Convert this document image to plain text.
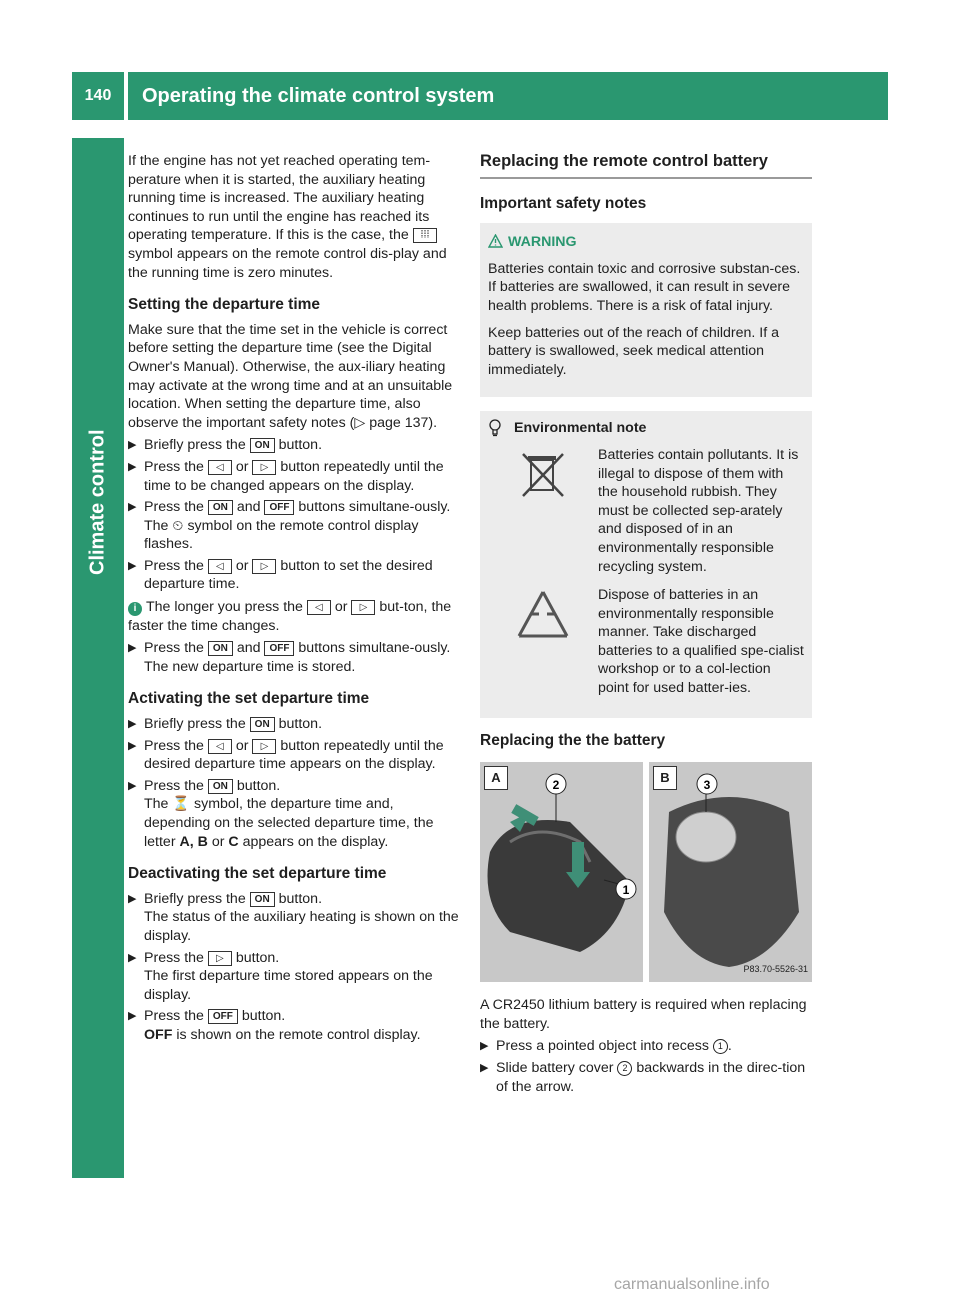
140	Operating the climate control system
Climate control

If the engine has not yet reached operating tem-perature when it is started, the auxiliary heating running time is increased. The auxiliary heating continues to run until the engine has reached its operating temperature. If this is the case, the  symbol appears on the remote control dis-play and the running time is zero minutes.

Setting the departure time

Make sure that the time set in the vehicle is correct before setting the departure time (see the Digital Owner's Manual). Otherwise, the aux-iliary heating may activate at the wrong time and at an unsuitable location. When setting the departure time, also observe the important safety notes (▷ page 137).

▶ Briefly press the ON button.
▶ Press the ◁ or ▷ button repeatedly until the time to be changed appears on the display.
▶ Press the ON and OFF buttons simultane-ously.
The ⏲ symbol on the remote control display flashes.
▶ Press the ◁ or ▷ button to set the desired departure time.

i The longer you press the ◁ or ▷ but-ton, the faster the time changes.

▶ Press the ON and OFF buttons simultane-ously.
The new departure time is stored.
Activating the set departure time
▶ Briefly press the ON button.
▶ Press the ◁ or ▷ button repeatedly until the desired departure time appears on the display.
▶ Press the ON button.
The ⏳ symbol, the departure time and, depending on the selected departure time, the letter A, B or C appears on the display.
Deactivating the set departure time
▶ Briefly press the ON button.
The status of the auxiliary heating is shown on the display.
▶ Press the ▷ button.
The first departure time stored appears on the display.
▶ Press the OFF button.
OFF is shown on the remote control display.
Replacing the remote control battery
Important safety notes
WARNING

Batteries contain toxic and corrosive substan-ces. If batteries are swallowed, it can result in severe health problems. There is a risk of fatal injury.

Keep batteries out of the reach of children. If a battery is swallowed, seek medical attention immediately.

Environmental note

Batteries contain pollutants. It is illegal to dispose of them with the household rubbish. They must be collected sep-arately and disposed of in an environmentally responsible recycling system.

Dispose of batteries in an environmentally responsible manner. Take discharged batteries to a qualified spe-cialist workshop or to a col-lection point for used batter-ies.

Replacing the the battery
A
2
1
B
3
P83.70-5526-31

A CR2450 lithium battery is required when replacing the battery.

▶ Press a pointed object into recess 1 .
▶ Slide battery cover 2 backwards in the direc-tion of the arrow.
carmanualsonline.info
